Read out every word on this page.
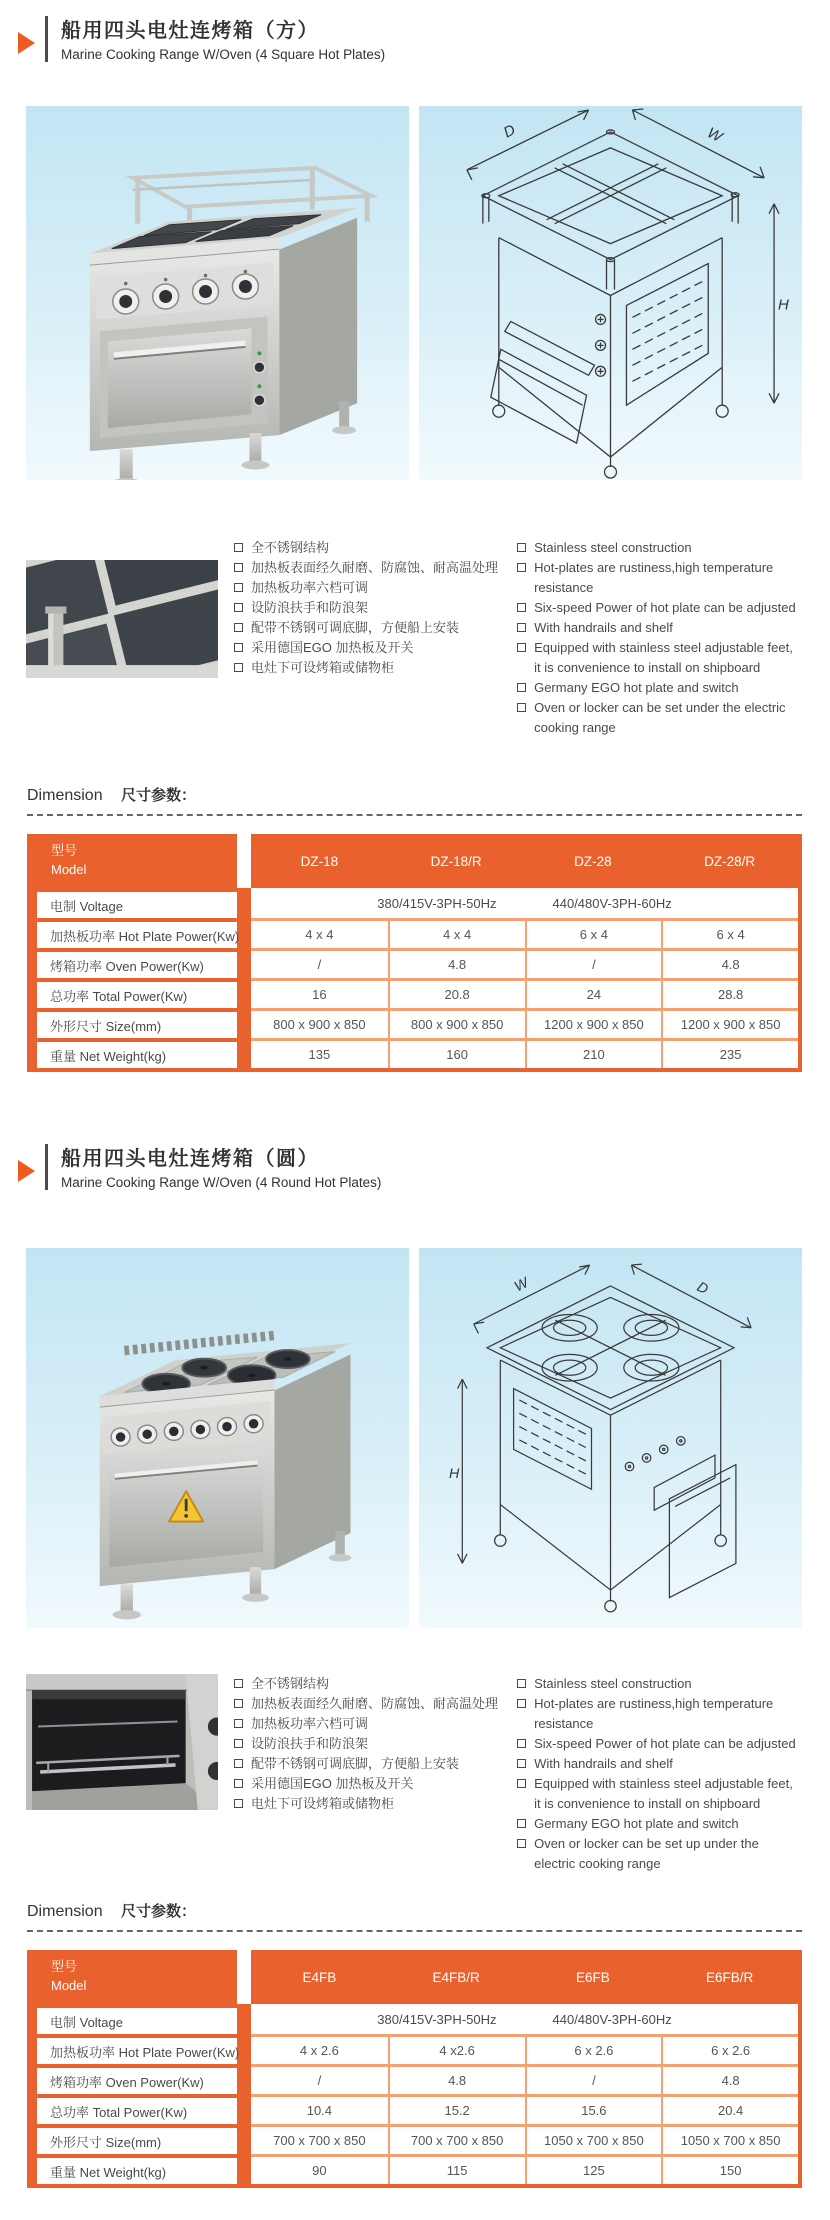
船用四头电灶连烤箱（方）
Marine Cooking Range W/Oven (4 Square Hot Plates)
D	W
H
全不锈钢结构
加热板表面经久耐磨、防腐蚀、耐高温处理
加热板功率六档可调
设防浪扶手和防浪架
配带不锈钢可调底脚，方便船上安装
采用德国EGO 加热板及开关
电灶下可设烤箱或储物柜
Stainless steel construction
Hot-plates are rustiness,high temperature resistance
Six-speed Power of hot plate can be adjusted
With handrails and shelf
Equipped with stainless steel adjustable feet, it is convenience to install on shipboard
Germany EGO hot plate and switch
Oven or locker can be set under the electric cooking range
Dimension 尺寸参数：
型号
Model	DZ-18	DZ-18/R	DZ-28	DZ-28/R
电制 Voltage	380/415V-3PH-50Hz 440/480V-3PH-60Hz			

加热板功率 Hot Plate Power(Kw)	4 x 4	4 x 4	6 x 4	6 x 4
烤箱功率 Oven Power(Kw)	/	4.8	/	4.8
总功率 Total Power(Kw)	16	20.8	24	28.8
外形尺寸 Size(mm)	800 x 900 x 850	800 x 900 x 850	1200 x 900 x 850	1200 x 900 x 850
重量 Net Weight(kg)	135	160	210	235
船用四头电灶连烤箱（圆）
Marine Cooking Range W/Oven (4 Round Hot Plates)
W	D
H
全不锈钢结构
加热板表面经久耐磨、防腐蚀、耐高温处理
加热板功率六档可调
设防浪扶手和防浪架
配带不锈钢可调底脚，方便船上安装
采用德国EGO 加热板及开关
电灶下可设烤箱或储物柜
Stainless steel construction
Hot-plates are rustiness,high temperature resistance
Six-speed Power of hot plate can be adjusted
With handrails and shelf
Equipped with stainless steel adjustable feet, it is convenience to install on shipboard
Germany EGO hot plate and switch
Oven or locker can be set up under the electric cooking range
Dimension 尺寸参数：
型号
Model	E4FB	E4FB/R	E6FB	E6FB/R
电制 Voltage	380/415V-3PH-50Hz 440/480V-3PH-60Hz			

加热板功率 Hot Plate Power(Kw)	4 x 2.6	4 x2.6	6 x 2.6	6 x 2.6
烤箱功率 Oven Power(Kw)	/	4.8	/	4.8
总功率 Total Power(Kw)	10.4	15.2	15.6	20.4
外形尺寸 Size(mm)	700 x 700 x 850	700 x 700 x 850	1050 x 700 x 850	1050 x 700 x 850
重量 Net Weight(kg)	90	115	125	150
